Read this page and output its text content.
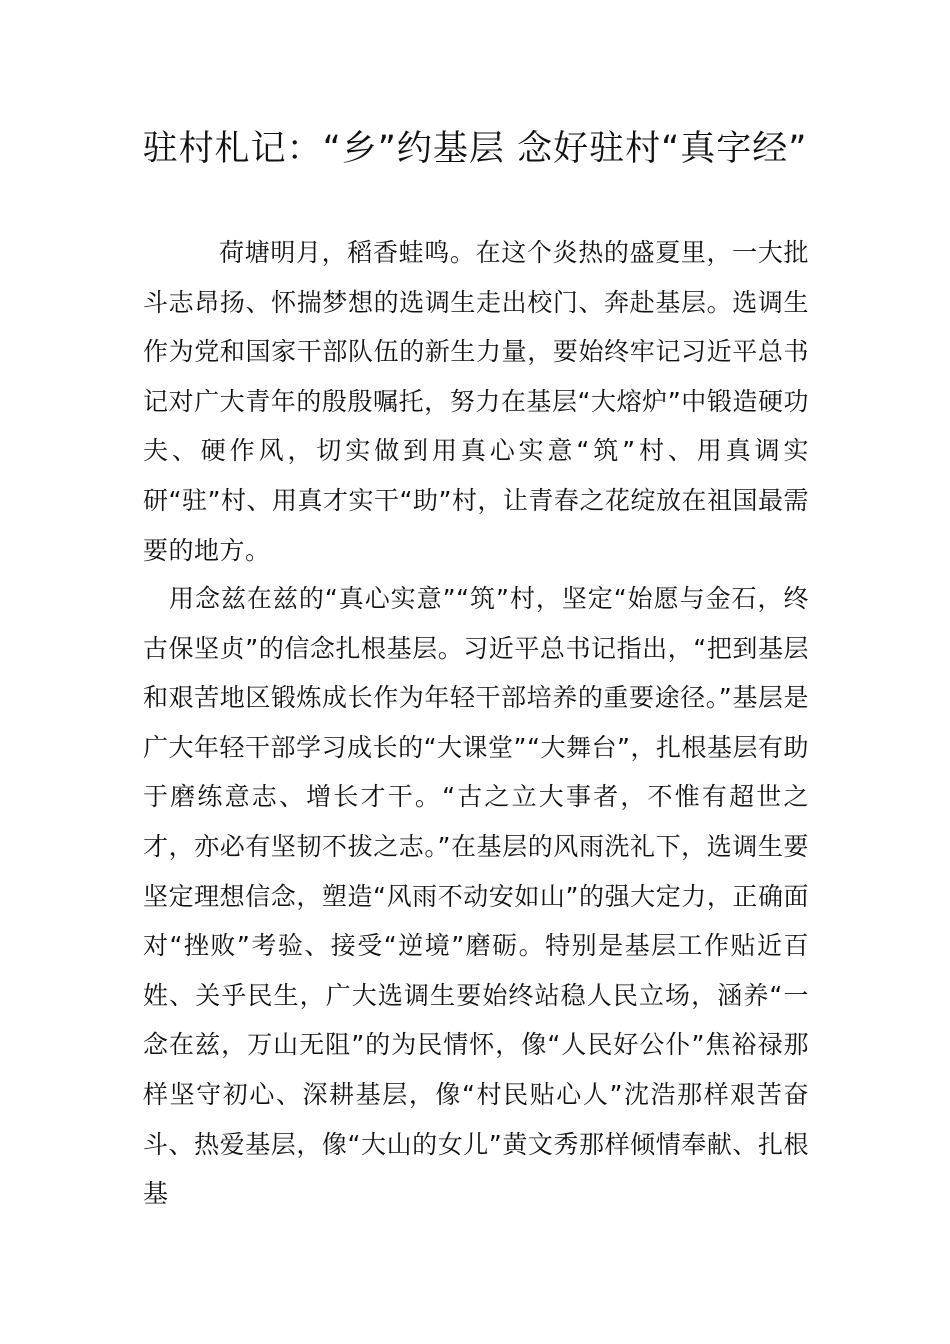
驻村札记：“乡”约基层 念好驻村“真字经”

荷塘明月，稻香蛙鸣。在这个炎热的盛夏里，一大批斗志昂扬、怀揣梦想的选调生走出校门、奔赴基层。选调生作为党和国家干部队伍的新生力量，要始终牢记习近平总书记对广大青年的殷殷嘱托，努力在基层“大熔炉”中锻造硬功夫、硬作风，切实做到用真心实意“筑”村、用真调实研“驻”村、用真才实干“助”村，让青春之花绽放在祖国最需要的地方。

用念兹在兹的“真心实意”“筑”村，坚定“始愿与金石，终古保坚贞”的信念扎根基层。习近平总书记指出，“把到基层和艰苦地区锻炼成长作为年轻干部培养的重要途径。”基层是广大年轻干部学习成长的“大课堂”“大舞台”，扎根基层有助于磨练意志、增长才干。“古之立大事者，不惟有超世之才，亦必有坚韧不拔之志。”在基层的风雨洗礼下，选调生要坚定理想信念，塑造“风雨不动安如山”的强大定力，正确面对“挫败”考验、接受“逆境”磨砺。特别是基层工作贴近百姓、关乎民生，广大选调生要始终站稳人民立场，涵养“一念在兹，万山无阻”的为民情怀，像“人民好公仆”焦裕禄那样坚守初心、深耕基层，像“村民贴心人”沈浩那样艰苦奋斗、热爱基层，像“大山的女儿”黄文秀那样倾情奉献、扎根基
